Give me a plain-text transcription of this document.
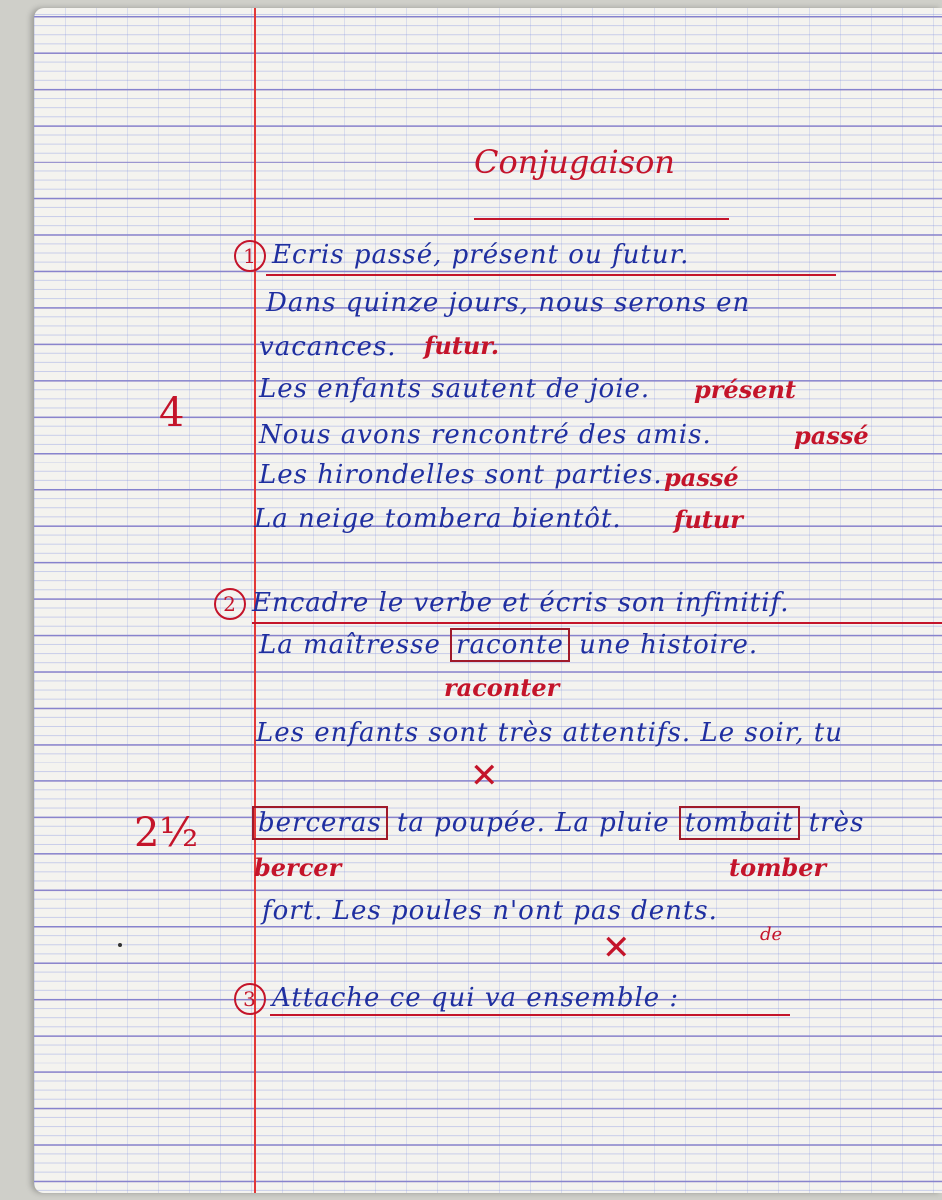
Conjugaison
1 Ecris passé, présent ou futur.
Dans quinze jours, nous serons en
vacances. futur.
Les enfants sautent de joie. présent
Nous avons rencontré des amis.	passé
Les hirondelles sont parties. passé
La neige tombera bientôt. futur
4
2 Encadre le verbe et écris son infinitif.
La maîtresse raconte une histoire.
raconter
Les enfants sont très attentifs. Le soir, tu
✕
berceras ta poupée. La pluie tombait très
bercer	tomber
fort. Les poules n'ont pas dents.
de
✕
2½
3 Attache ce qui va ensemble :
